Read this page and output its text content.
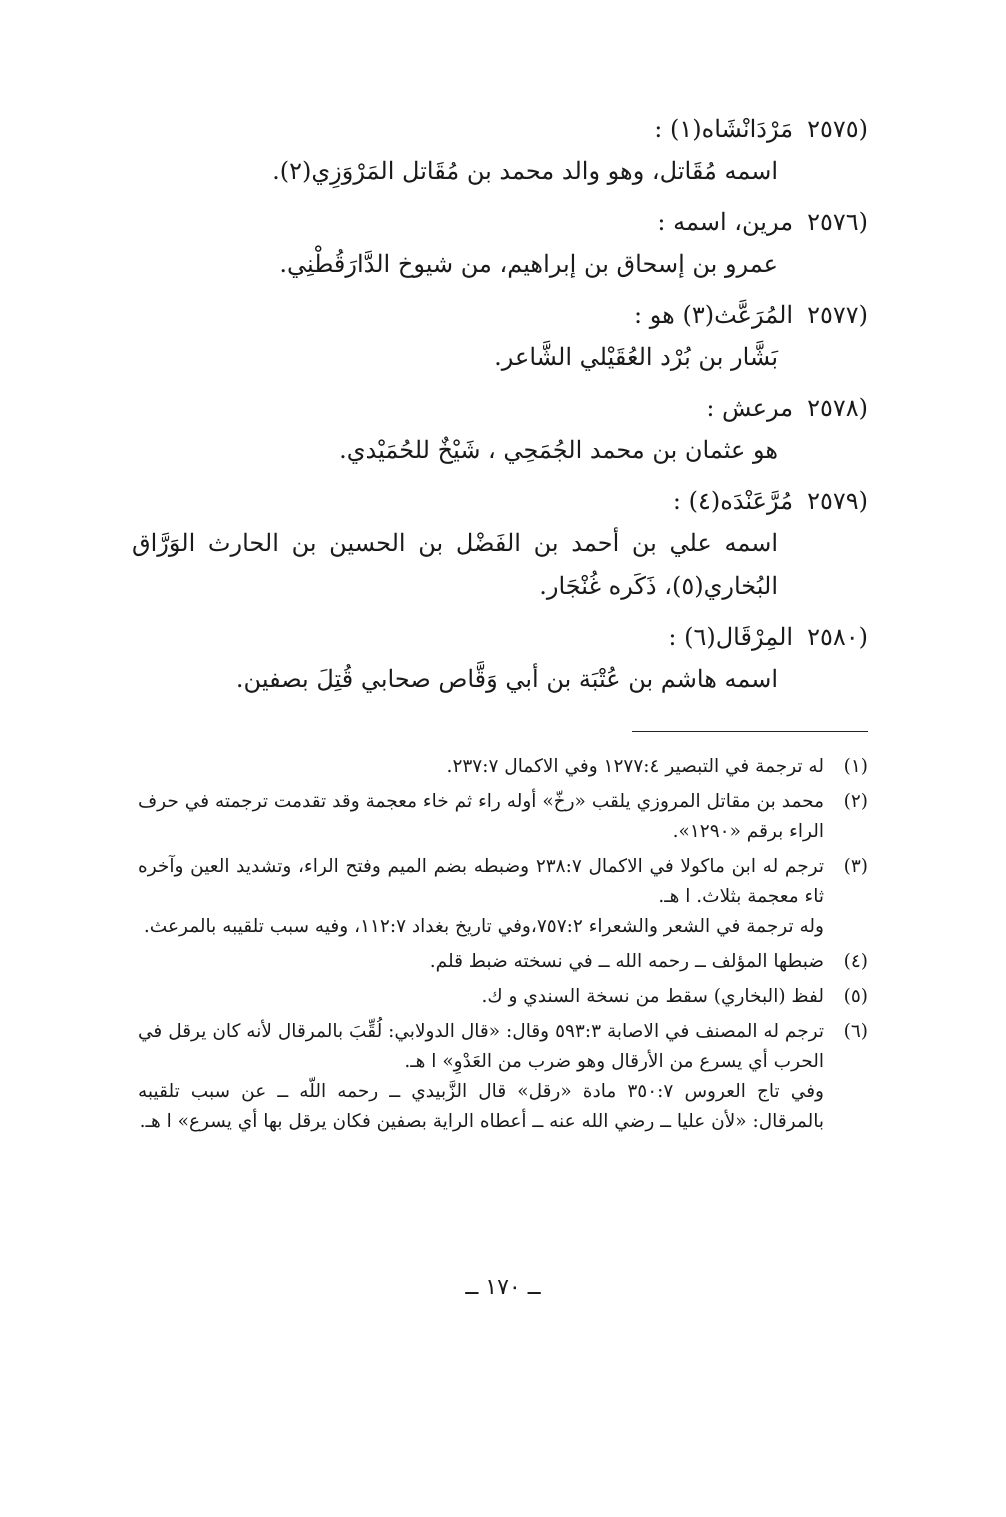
(٢٥٧٥مَرْدَانْشَاه(١) :
اسمه مُقَاتل، وهو والد محمد بن مُقَاتل المَرْوَزِي(٢).
(٢٥٧٦مرين، اسمه :
عمرو بن إسحاق بن إبراهيم، من شيوخ الدَّارَقُطْنِي.
(٢٥٧٧المُرَعَّث(٣) هو :
بَشَّار بن بُرْد العُقَيْلي الشَّاعر.
(٢٥٧٨مرعش :
هو عثمان بن محمد الجُمَحِي ، شَيْخٌ للحُمَيْدي.
(٢٥٧٩مُرَّعَنْدَه(٤) :
اسمه علي بن أحمد بن الفَضْل بن الحسين بن الحارث الوَرَّاق البُخاري(٥)، ذَكَره غُنْجَار.
(٢٥٨٠المِرْقَال(٦) :
اسمه هاشم بن عُتْبَة بن أبي وَقَّاص صحابي قُتِلَ بصفين.
(١)

له ترجمة في التبصير ١٢٧٧:٤ وفي الاكمال ٢٣٧:٧.

(٢)

محمد بن مقاتل المروزي يلقب «رخّ» أوله راء ثم خاء معجمة وقد تقدمت ترجمته في حرف الراء برقم «١٢٩٠».

(٣)

ترجم له ابن ماكولا في الاكمال ٢٣٨:٧ وضبطه بضم الميم وفتح الراء، وتشديد العين وآخره ثاء معجمة بثلاث. ا هـ.

وله ترجمة في الشعر والشعراء ٧٥٧:٢،وفي تاريخ بغداد ١١٢:٧، وفيه سبب تلقيبه بالمرعث.

(٤)

ضبطها المؤلف ــ رحمه الله ــ في نسخته ضبط قلم.

(٥)

لفظ (البخاري) سقط من نسخة السندي و ك.

(٦)

ترجم له المصنف في الاصابة ٥٩٣:٣ وقال: «قال الدولابي: لُقِّبَ بالمرقال لأنه كان يرقل في الحرب أي يسرع من الأرقال وهو ضرب من العَدْوِ» ا هـ.

وفي تاج العروس ٣٥٠:٧ مادة «رقل» قال الزَّبيدي ــ رحمه اللّه ــ عن سبب تلقيبه بالمرقال: «لأن عليا ــ رضي الله عنه ــ أعطاه الراية بصفين فكان يرقل بها أي يسرع» ا هـ.

ــ ١٧٠ ــ
